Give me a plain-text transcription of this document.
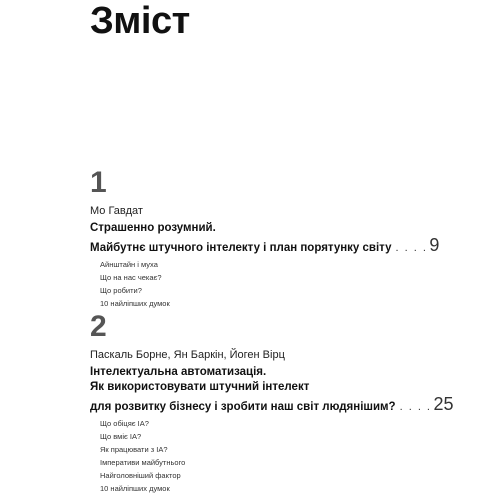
Зміст
1
Мо Гавдат
Страшенно розумний.
Майбутнє штучного інтелекту і план порятунку світу . . . . 9
Айнштайн і муха
Що на нас чекає?
Що робити?
10 найліпших думок
2
Паскаль Борне, Ян Баркін, Йоген Вірц
Інтелектуальна автоматизація.
Як використовувати штучний інтелект
для розвитку бізнесу і зробити наш світ людянішим? . . . . 25
Що обіцяє ІА?
Що вміє ІА?
Як працювати з ІА?
Імперативи майбутнього
Найголовніший фактор
10 найліпших думок
